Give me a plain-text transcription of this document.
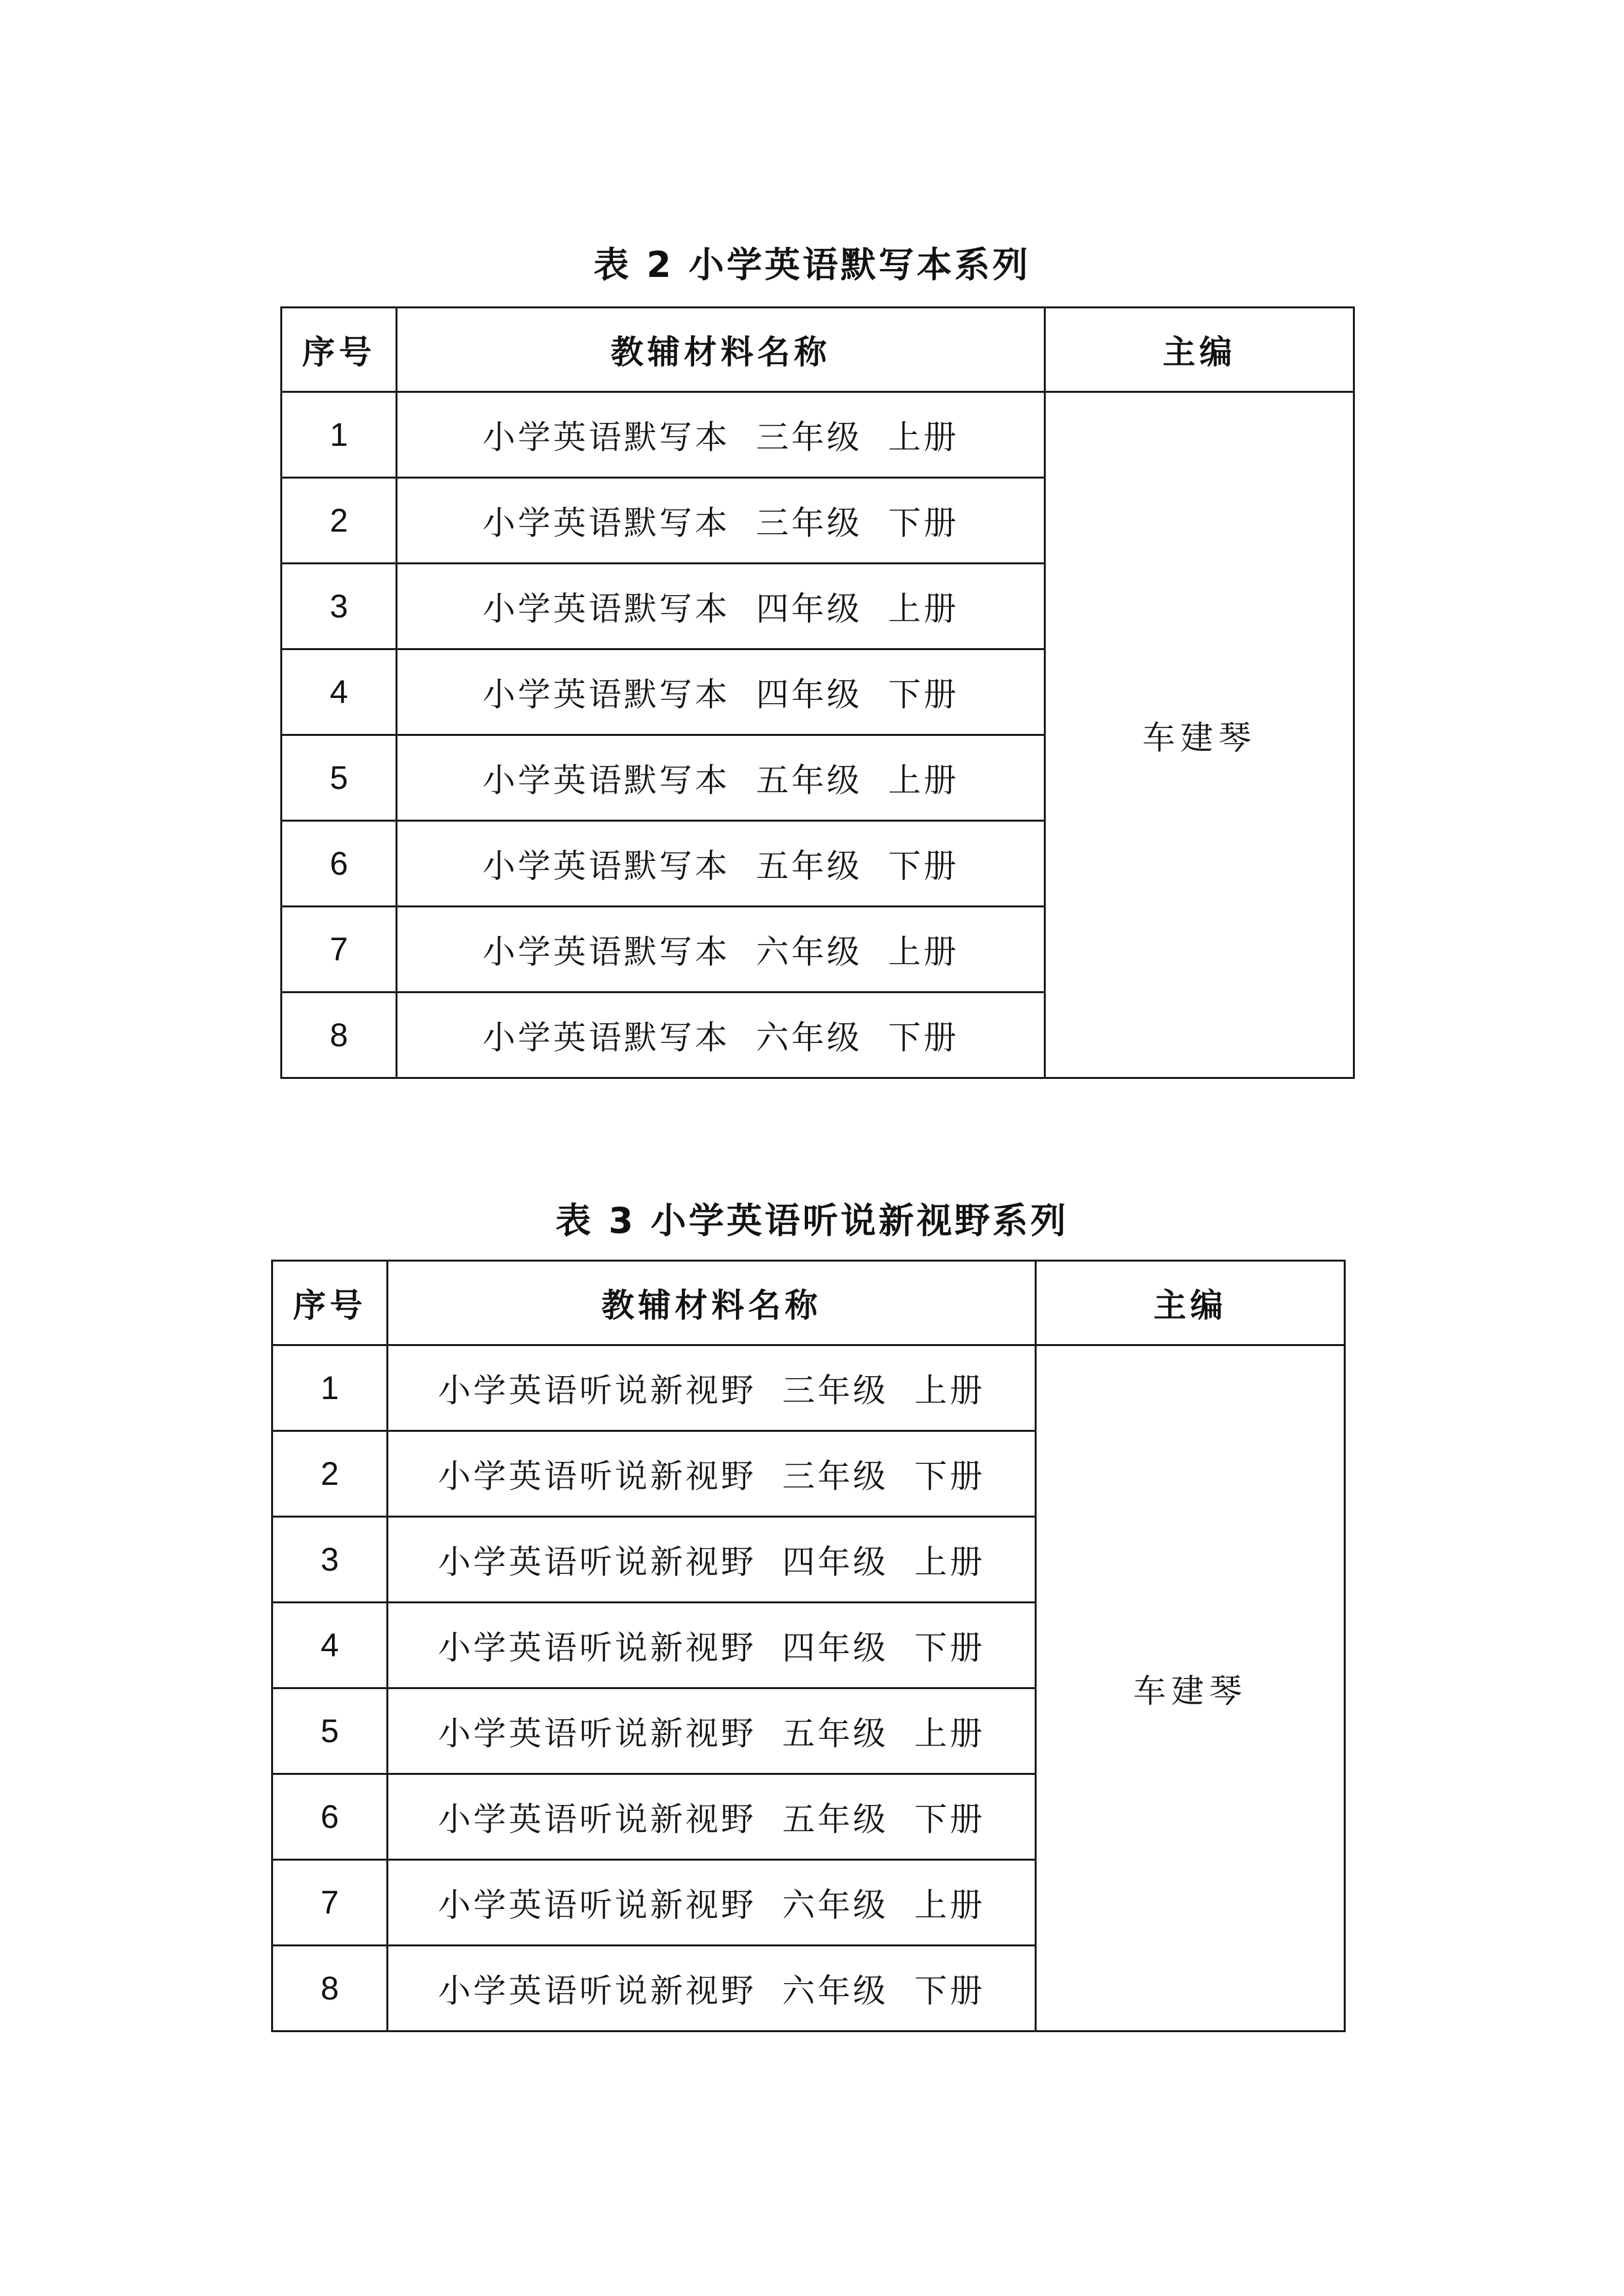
表 2 小学英语默写本系列
序号	教辅材料名称	主编
1	小学英语默写本  三年级  上册	车建琴
2	小学英语默写本  三年级  下册	
3	小学英语默写本  四年级  上册	
4	小学英语默写本  四年级  下册	
5	小学英语默写本  五年级  上册	
6	小学英语默写本  五年级  下册	
7	小学英语默写本  六年级  上册	
8	小学英语默写本  六年级  下册	
表 3 小学英语听说新视野系列
序号	教辅材料名称	主编
1	小学英语听说新视野  三年级  上册	车建琴
2	小学英语听说新视野  三年级  下册	
3	小学英语听说新视野  四年级  上册	
4	小学英语听说新视野  四年级  下册	
5	小学英语听说新视野  五年级  上册	
6	小学英语听说新视野  五年级  下册	
7	小学英语听说新视野  六年级  上册	
8	小学英语听说新视野  六年级  下册	
